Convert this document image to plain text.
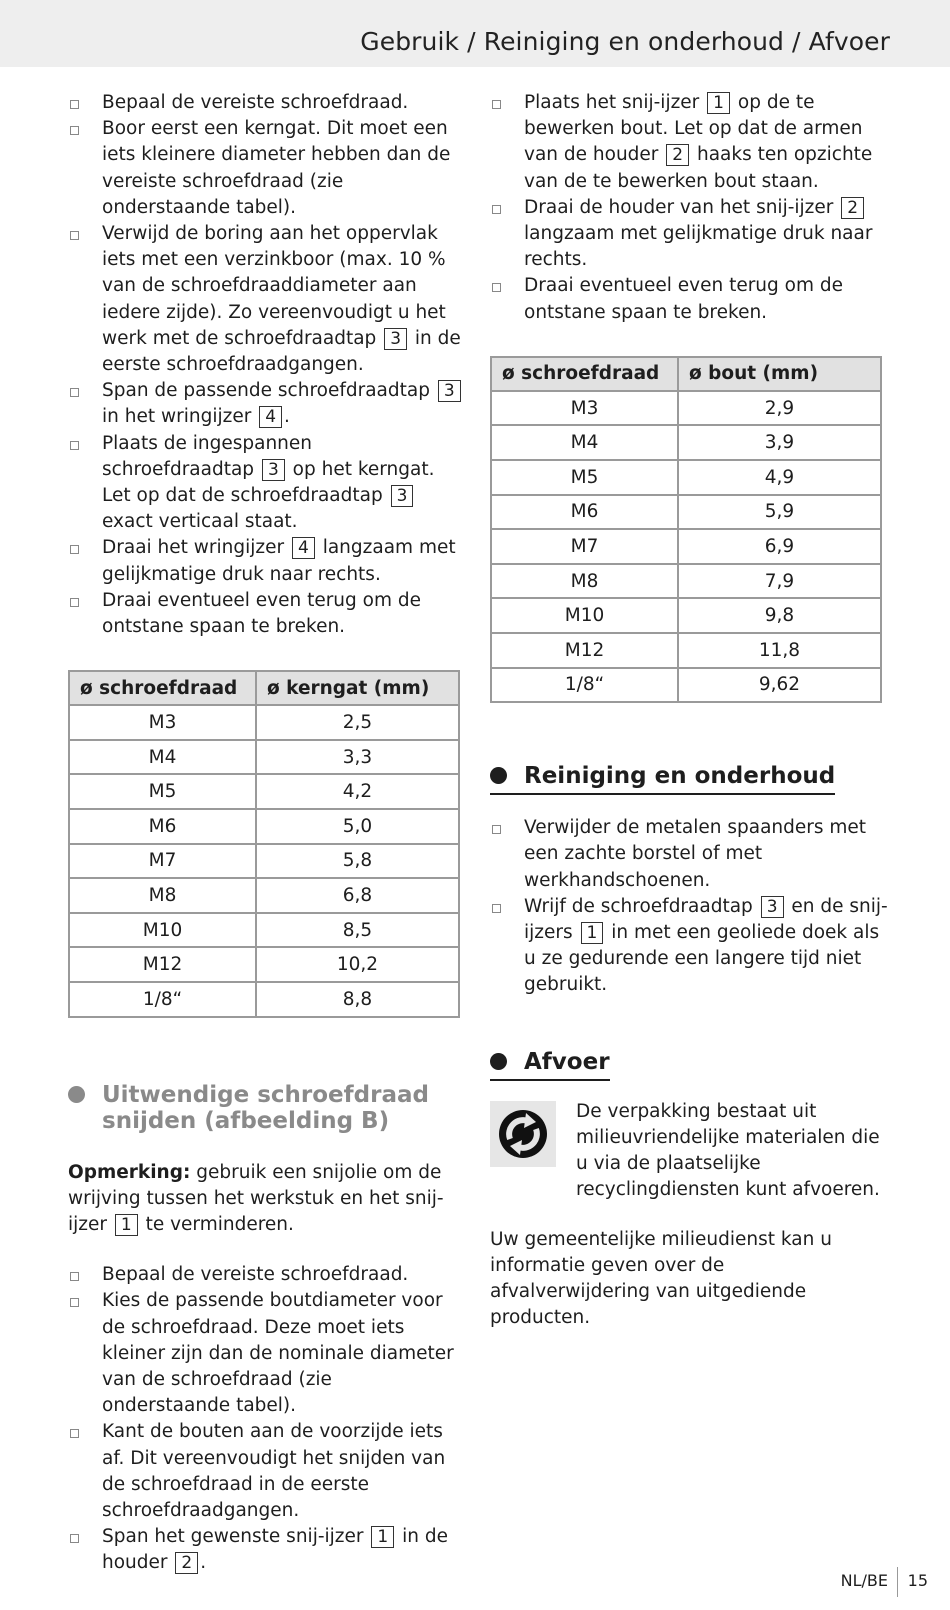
Gebruik / Reiniging en onderhoud / Afvoer
Bepaal de vereiste schroefdraad.
Boor eerst een kerngat. Dit moet een iets kleinere diameter hebben dan de vereiste schroefdraad (zie onderstaande tabel).
Verwijd de boring aan het oppervlak iets met een verzinkboor (max. 10 % van de schroefdraaddiameter aan iedere zijde). Zo vereenvoudigt u het werk met de schroefdraadtap 3 in de eerste schroefdraadgangen.
Span de passende schroefdraadtap 3 in het wringijzer 4 .
Plaats de ingespannen schroefdraadtap 3 op het kerngat. Let op dat de schroefdraadtap 3 exact verticaal staat.
Draai het wringijzer 4 langzaam met gelijkmatige druk naar rechts.
Draai eventueel even terug om de ontstane spaan te breken.
ø schroefdraad	ø kerngat (mm)
M3	2,5
M4	3,3
M5	4,2
M6	5,0
M7	5,8
M8	6,8
M10	8,5
M12	10,2
1/8“	8,8
Uitwendige schroefdraad
snijden (afbeelding B)

Opmerking: gebruik een snijolie om de wrijving tussen het werkstuk en het snij-ijzer 1 te verminderen.

Bepaal de vereiste schroefdraad.
Kies de passende boutdiameter voor de schroefdraad. Deze moet iets kleiner zijn dan de nominale diameter van de schroefdraad (zie onderstaande tabel).
Kant de bouten aan de voorzijde iets af. Dit vereenvoudigt het snijden van de schroefdraad in de eerste schroefdraadgangen.
Span het gewenste snij-ijzer 1 in de houder 2 .
Plaats het snij-ijzer 1 op de te bewerken bout. Let op dat de armen van de houder 2 haaks ten opzichte van de te bewerken bout staan.
Draai de houder van het snij-ijzer 2 langzaam met gelijkmatige druk naar rechts.
Draai eventueel even terug om de ontstane spaan te breken.
ø schroefdraad	ø bout (mm)
M3	2,9
M4	3,9
M5	4,9
M6	5,9
M7	6,9
M8	7,9
M10	9,8
M12	11,8
1/8“	9,62
Reiniging en onderhoud
Verwijder de metalen spaanders met een zachte borstel of met werkhandschoenen.
Wrijf de schroefdraadtap 3 en de snij-ijzers 1 in met een geoliede doek als u ze gedurende een langere tijd niet gebruikt.
Afvoer

De verpakking bestaat uit milieuvriendelijke materialen die u via de plaatselijke recyclingdiensten kunt afvoeren.

Uw gemeentelijke milieudienst kan u informatie geven over de afvalverwijdering van uitgediende producten.

NL/BE 15
